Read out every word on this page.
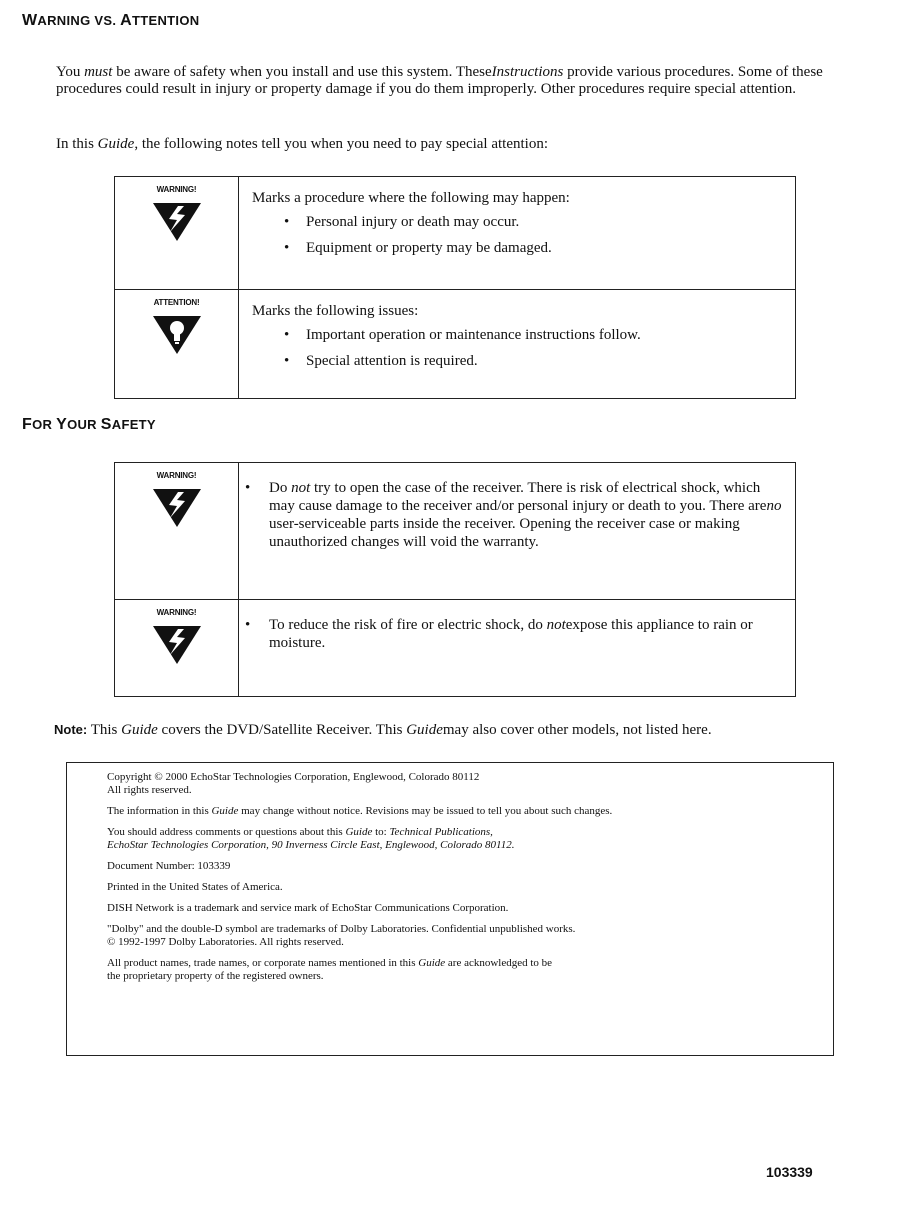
WARNING VS. ATTENTION
You must be aware of safety when you install and use this system. TheseInstructions provide various procedures. Some of these procedures could result in injury or property damage if you do them improperly. Other procedures require special attention.
In this Guide, the following notes tell you when you need to pay special attention:
WARNING!
Marks a procedure where the following may happen:
• Personal injury or death may occur.
• Equipment or property may be damaged.
ATTENTION!
Marks the following issues:
• Important operation or maintenance instructions follow.
• Special attention is required.
FOR YOUR SAFETY
WARNING!
•	Do not try to open the case of the receiver. There is risk of electrical shock, which may cause damage to the receiver and/or personal injury or death to you. There areno user-serviceable parts inside the receiver. Opening the receiver case or making unauthorized changes will void the warranty.
WARNING!
•	To reduce the risk of fire or electric shock, do notexpose this appliance to rain or moisture.
Note: This Guide covers the DVD/Satellite Receiver. This Guidemay also cover other models, not listed here.

Copyright © 2000 EchoStar Technologies Corporation, Englewood, Colorado 80112
All rights reserved.

The information in this Guide may change without notice. Revisions may be issued to tell you about such changes.

You should address comments or questions about this Guide to: Technical Publications,
EchoStar Technologies Corporation, 90 Inverness Circle East, Englewood, Colorado 80112.

Document Number: 103339

Printed in the United States of America.

DISH Network is a trademark and service mark of EchoStar Communications Corporation.

"Dolby" and the double-D symbol are trademarks of Dolby Laboratories. Confidential unpublished works.
© 1992-1997 Dolby Laboratories. All rights reserved.

All product names, trade names, or corporate names mentioned in this Guide are acknowledged to be
the proprietary property of the registered owners.

103339
